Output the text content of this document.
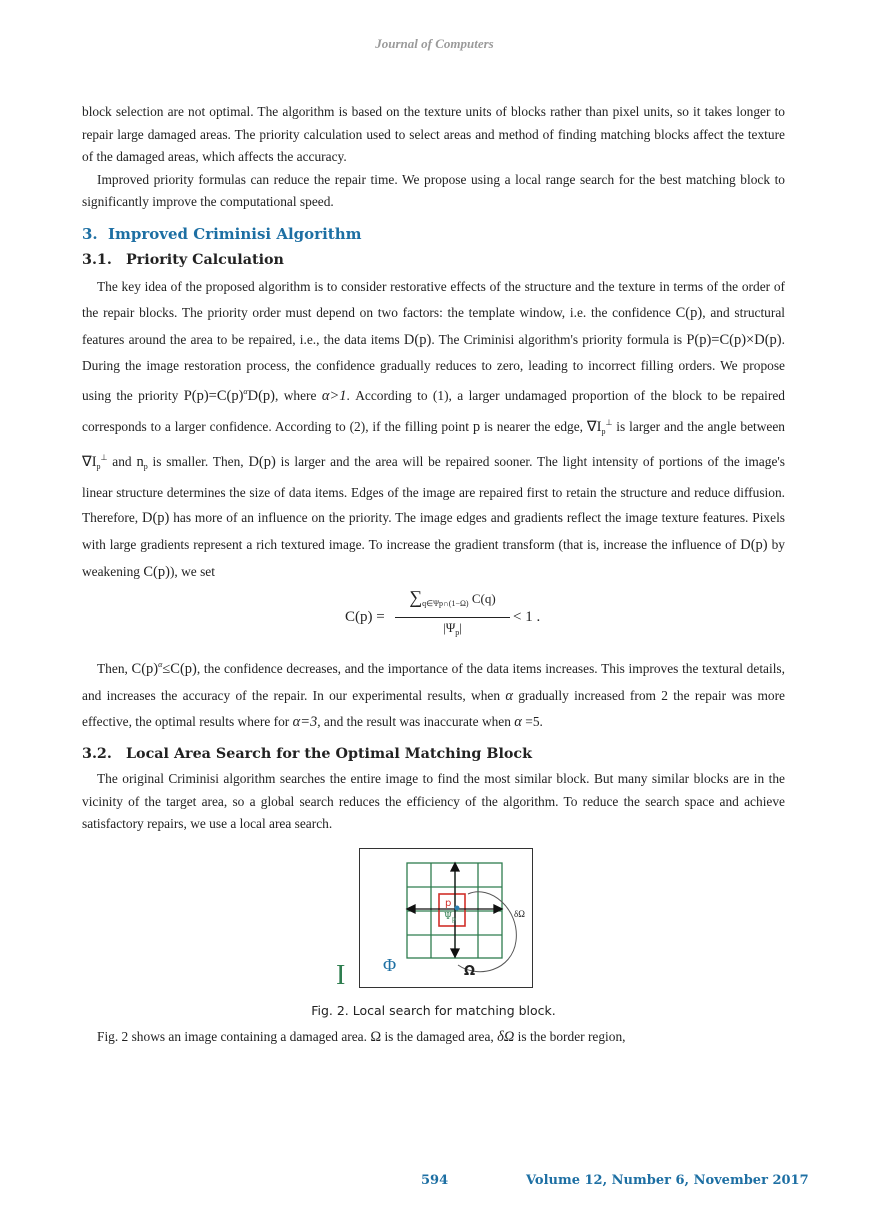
Journal of Computers

block selection are not optimal. The algorithm is based on the texture units of blocks rather than pixel units, so it takes longer to repair large damaged areas. The priority calculation used to select areas and method of finding matching blocks affect the texture of the damaged areas, which affects the accuracy.

Improved priority formulas can reduce the repair time. We propose using a local range search for the best matching block to significantly improve the computational speed.

3. Improved Criminisi Algorithm
3.1. Priority Calculation

The key idea of the proposed algorithm is to consider restorative effects of the structure and the texture in terms of the order of the repair blocks. The priority order must depend on two factors: the template window, i.e. the confidence C(p), and structural features around the area to be repaired, i.e., the data items D(p). The Criminisi algorithm's priority formula is P(p)=C(p)×D(p). During the image restoration process, the confidence gradually reduces to zero, leading to incorrect filling orders. We propose using the priority $P(p)=C(p)^\alpha D(p)$, where α>1. According to (1), a larger undamaged proportion of the block to be repaired corresponds to a larger confidence. According to (2), if the filling point p is nearer the edge, $\nabla I_p^\perp$ is larger and the angle between $\nabla I_p^\perp$ and $n_p$ is smaller. Then, D(p) is larger and the area will be repaired sooner. The light intensity of portions of the image's linear structure determines the size of data items. Edges of the image are repaired first to retain the structure and reduce diffusion. Therefore, D(p) has more of an influence on the priority. The image edges and gradients reflect the image texture features. Pixels with large gradients represent a rich textured image. To increase the gradient transform (that is, increase the influence of D(p) by weakening C(p)), we set

C(p) =
$\sum_{q\in\Psi p\cap(1-\Omega)}$ C(q)
$|\Psi_p|$
< 1 .

Then, $C(p)^\alpha\le C(p)$, the confidence decreases, and the importance of the data items increases. This improves the textural details, and increases the accuracy of the repair. In our experimental results, when α gradually increased from 2 the repair was more effective, the optimal results where for α=3, and the result was inaccurate when α =5.

3.2. Local Area Search for the Optimal Matching Block

The original Criminisi algorithm searches the entire image to find the most similar block. But many similar blocks are in the vicinity of the target area, so a global search reduces the efficiency of the algorithm. To reduce the search space and achieve satisfactory repairs, we use a local area search.

p
$\Psi_p$
δΩ
Φ	Ω
I
Fig. 2. Local search for matching block.

Fig. 2 shows an image containing a damaged area. Ω is the damaged area, δΩ is the border region,

594	Volume 12, Number 6, November 2017
